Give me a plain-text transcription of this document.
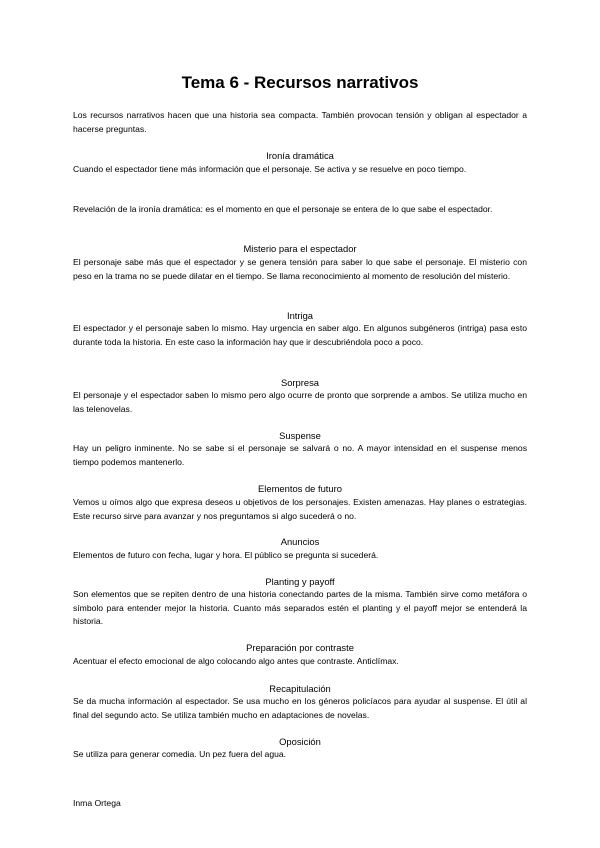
Tema 6 - Recursos narrativos
Los recursos narrativos hacen que una historia sea compacta. También provocan tensión y obligan al espectador a hacerse preguntas.
Ironía dramática
Cuando el espectador tiene más información que el personaje. Se activa y se resuelve en poco tiempo.
Revelación de la ironía dramática: es el momento en que el personaje se entera de lo que sabe el espectador.
Misterio para el espectador
El personaje sabe más que el espectador y se genera tensión para saber lo que sabe el personaje. El misterio con peso en la trama no se puede dilatar en el tiempo. Se llama reconocimiento al momento de resolución del misterio.
Intriga
El espectador y el personaje saben lo mismo. Hay urgencia en saber algo. En algunos subgéneros (intriga) pasa esto durante toda la historia. En este caso la información hay que ir descubriéndola poco a poco.
Sorpresa
El personaje y el espectador saben lo mismo pero algo ocurre de pronto que sorprende a ambos. Se utiliza mucho en las telenovelas.
Suspense
Hay un peligro inminente. No se sabe si el personaje se salvará o no. A mayor intensidad en el suspense menos tiempo podemos mantenerlo.
Elementos de futuro
Vemos u oímos algo que expresa deseos u objetivos de los personajes. Existen amenazas. Hay planes o estrategias. Este recurso sirve para avanzar y nos preguntamos si algo sucederá o no.
Anuncios
Elementos de futuro con fecha, lugar y hora. El público se pregunta si sucederá.
Planting y payoff
Son elementos que se repiten dentro de una historia conectando partes de la misma. También sirve como metáfora o símbolo para entender mejor la historia. Cuanto más separados estén el planting y el payoff mejor se entenderá la historia.
Preparación por contraste
Acentuar el efecto emocional de algo colocando algo antes que contraste. Anticlímax.
Recapitulación
Se da mucha información al espectador. Se usa mucho en los géneros policíacos para ayudar al suspense. El útil al final del segundo acto. Se utiliza también mucho en adaptaciones de novelas.
Oposición
Se utiliza para generar comedia. Un pez fuera del agua.
Inma Ortega
